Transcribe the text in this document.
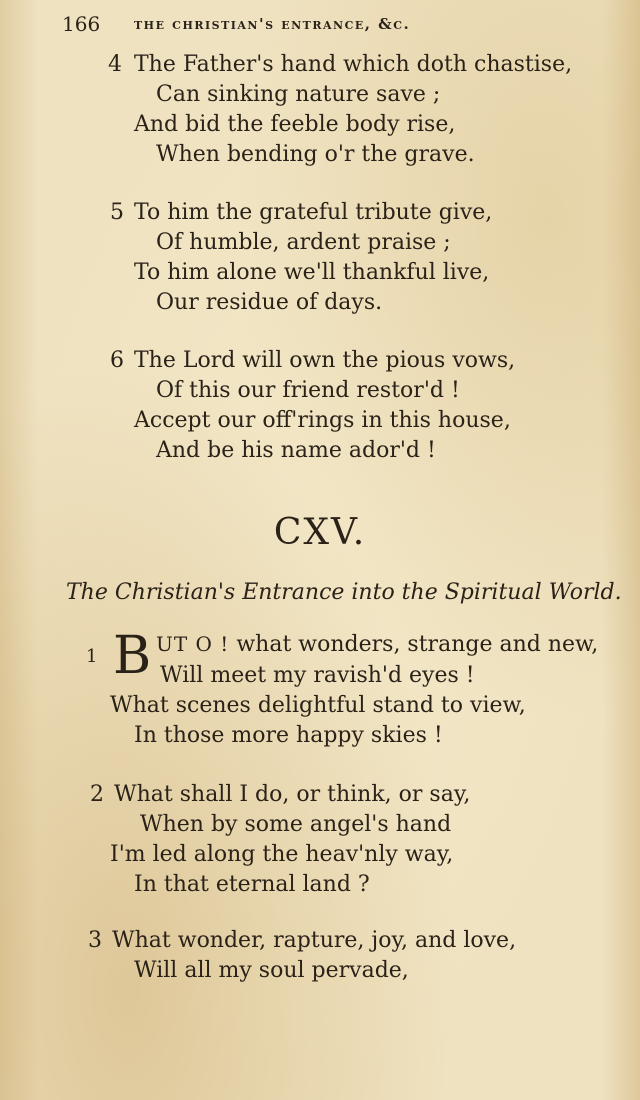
166 the christian's entrance, &c.
4 The Father's hand which doth chastise,
Can sinking nature save ;
And bid the feeble body rise,
When bending o'r the grave.
5 To him the grateful tribute give,
Of humble, ardent praise ;
To him alone we'll thankful live,
Our residue of days.
6 The Lord will own the pious vows,
Of this our friend restor'd !
Accept our off'rings in this house,
And be his name ador'd !
CXV.
The Christian's Entrance into the Spiritual World.
1 B UT O ! what wonders, strange and new,
Will meet my ravish'd eyes !
What scenes delightful stand to view,
In those more happy skies !
2 What shall I do, or think, or say,
When by some angel's hand
I'm led along the heav'nly way,
In that eternal land ?
3 What wonder, rapture, joy, and love,
Will all my soul pervade,
